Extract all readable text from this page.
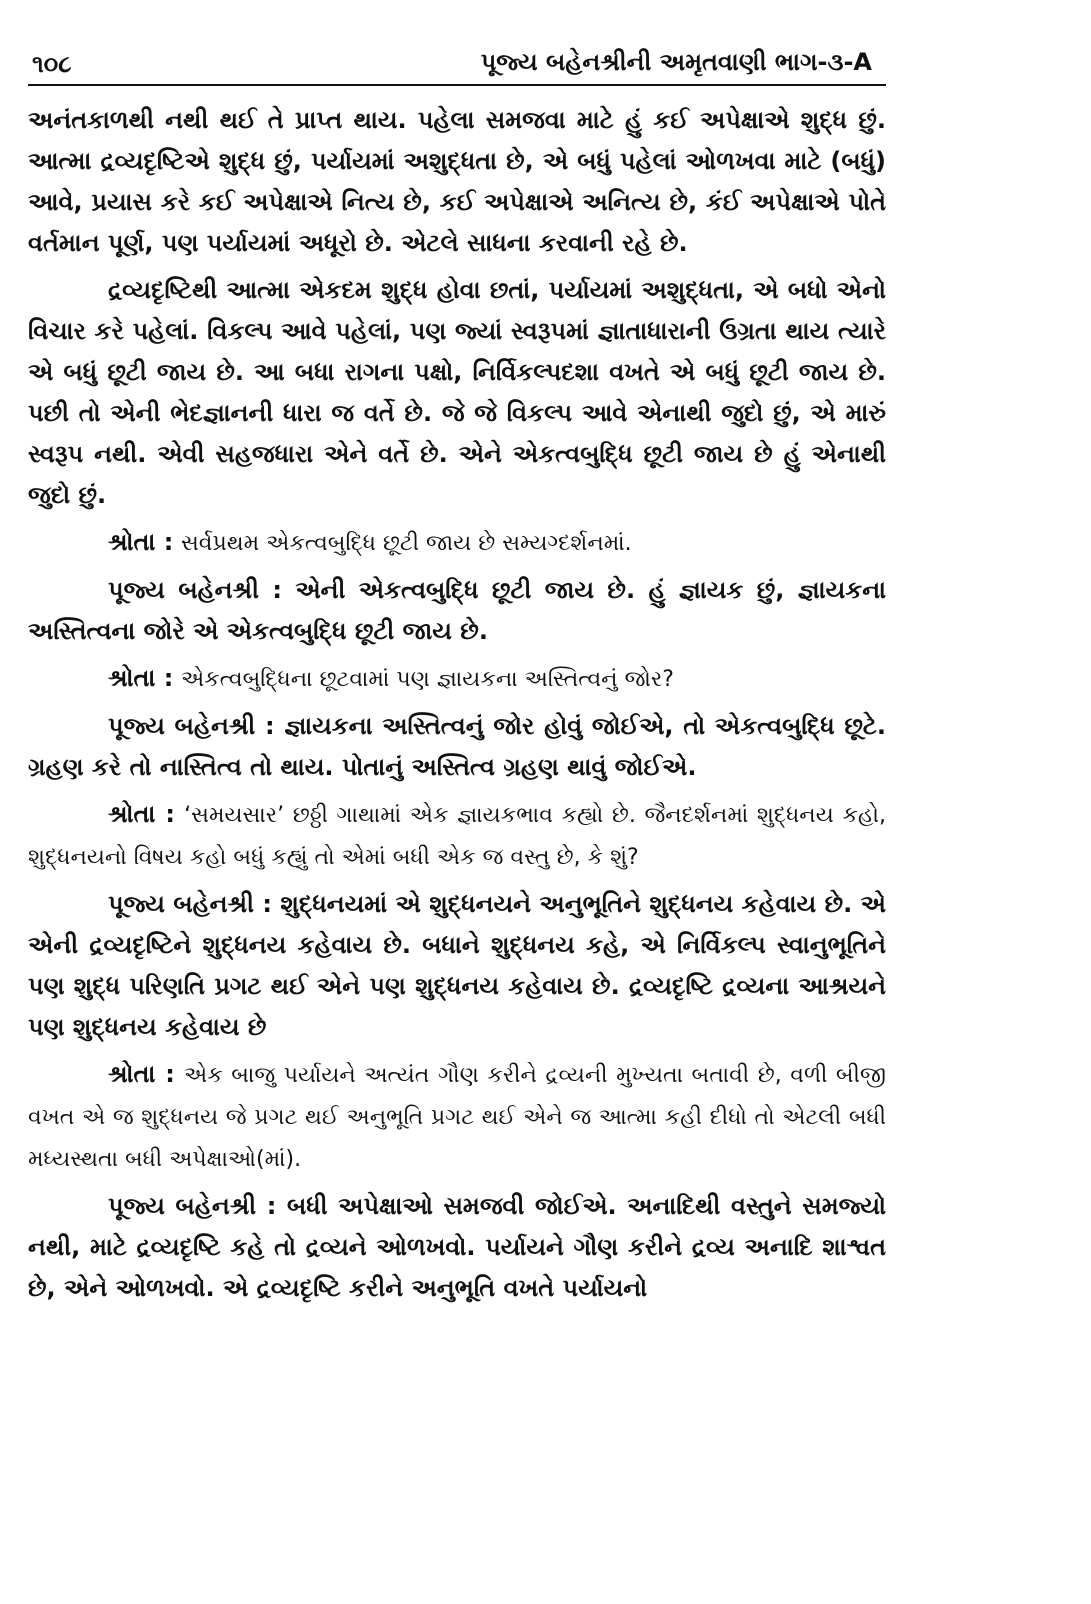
૧૦૮	પૂજ્ય બહેનશ્રીની અમૃતવાણી ભાગ-૩-A

અનંતકાળથી નથી થઈ તે પ્રાપ્ત થાય. પહેલા સમજવા માટે હું કઈ અપેક્ષાએ શુદ્ધ છું. આત્મા દ્રવ્યદૃષ્ટિએ શુદ્ધ છું, પર્યાયમાં અશુદ્ધતા છે, એ બધું પહેલાં ઓળખવા માટે (બધું) આવે, પ્રયાસ કરે કઈ અપેક્ષાએ નિત્ય છે, કઈ અપેક્ષાએ અનિત્ય છે, કંઈ અપેક્ષાએ પોતે વર્તમાન પૂર્ણ, પણ પર્યાયમાં અધૂરો છે. એટલે સાધના કરવાની રહે છે.

દ્રવ્યદૃષ્ટિથી આત્મા એકદમ શુદ્ધ હોવા છતાં, પર્યાયમાં અશુદ્ધતા, એ બધો એનો વિચાર કરે પહેલાં. વિકલ્પ આવે પહેલાં, પણ જ્યાં સ્વરૂપમાં જ્ઞાતાધારાની ઉગ્રતા થાય ત્યારે એ બધું છૂટી જાય છે. આ બધા રાગના પક્ષો, નિર્વિકલ્પદશા વખતે એ બધું છૂટી જાય છે. પછી તો એની ભેદજ્ઞાનની ધારા જ વર્તે છે. જે જે વિકલ્પ આવે એનાથી જુદો છું, એ મારું સ્વરૂપ નથી. એવી સહજધારા એને વર્તે છે. એને એકત્વબુદ્ધિ છૂટી જાય છે હું એનાથી જુદો છું.

શ્રોતા : સર્વપ્રથમ એકત્વબુદ્ધિ છૂટી જાય છે સમ્યગ્દર્શનમાં.

પૂજ્ય બહેનશ્રી : એની એકત્વબુદ્ધિ છૂટી જાય છે. હું જ્ઞાયક છું, જ્ઞાયકના અસ્તિત્વના જોરે એ એકત્વબુદ્ધિ છૂટી જાય છે.

શ્રોતા : એકત્વબુદ્ધિના છૂટવામાં પણ જ્ઞાયકના અસ્તિત્વનું જોર?

પૂજ્ય બહેનશ્રી : જ્ઞાયકના અસ્તિત્વનું જોર હોવું જોઈએ, તો એકત્વબુદ્ધિ છૂટે. ગ્રહણ કરે તો નાસ્તિત્વ તો થાય. પોતાનું અસ્તિત્વ ગ્રહણ થાવું જોઈએ.

શ્રોતા : ‘સમયસાર’ છઠ્ઠી ગાથામાં એક જ્ઞાયકભાવ કહ્યો છે. જૈનદર્શનમાં શુદ્ધનય કહો, શુદ્ધનયનો વિષય કહો બધું કહ્યું તો એમાં બધી એક જ વસ્તુ છે, કે શું?

પૂજ્ય બહેનશ્રી : શુદ્ધનયમાં એ શુદ્ધનયને અનુભૂતિને શુદ્ધનય કહેવાય છે. એ એની દ્રવ્યદૃષ્ટિને શુદ્ધનય કહેવાય છે. બધાને શુદ્ધનય કહે, એ નિર્વિકલ્પ સ્વાનુભૂતિને પણ શુદ્ધ પરિણતિ પ્રગટ થઈ એને પણ શુદ્ધનય કહેવાય છે. દ્રવ્યદૃષ્ટિ દ્રવ્યના આશ્રયને પણ શુદ્ધનય કહેવાય છે

શ્રોતા : એક બાજુ પર્યાયને અત્યંત ગૌણ કરીને દ્રવ્યની મુખ્યતા બતાવી છે, વળી બીજી વખત એ જ શુદ્ધનય જે પ્રગટ થઈ અનુભૂતિ પ્રગટ થઈ એને જ આત્મા કહી દીધો તો એટલી બધી મધ્યસ્થતા બધી અપેક્ષાઓ(માં).

પૂજ્ય બહેનશ્રી : બધી અપેક્ષાઓ સમજવી જોઈએ. અનાદિથી વસ્તુને સમજ્યો નથી, માટે દ્રવ્યદૃષ્ટિ કહે તો દ્રવ્યને ઓળખવો. પર્યાયને ગૌણ કરીને દ્રવ્ય અનાદિ શાશ્વત છે, એને ઓળખવો. એ દ્રવ્યદૃષ્ટિ કરીને અનુભૂતિ વખતે પર્યાયનો
